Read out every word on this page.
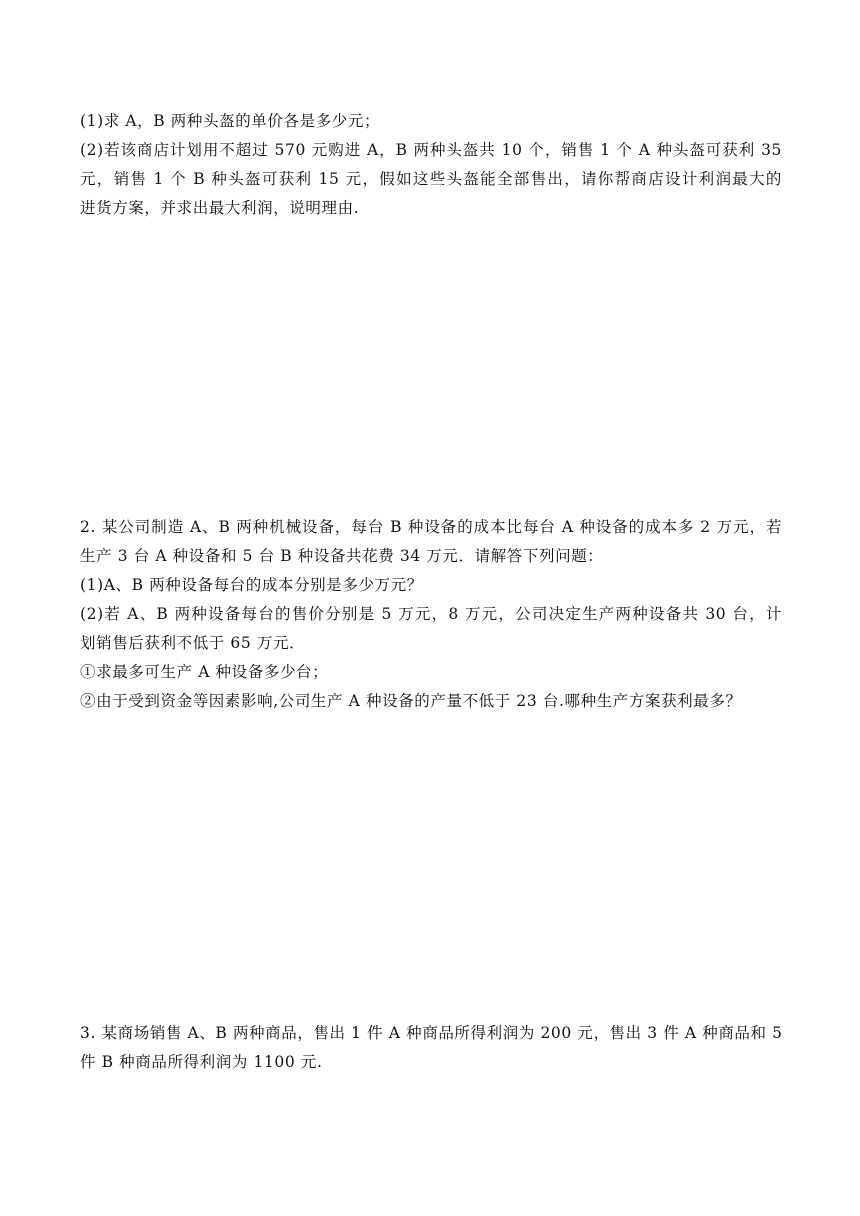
(1)求 A，B 两种头盔的单价各是多少元；

(2)若该商店计划用不超过 570 元购进 A，B 两种头盔共 10 个，销售 1 个 A 种头盔可获利 35

元，销售 1 个 B 种头盔可获利 15 元，假如这些头盔能全部售出，请你帮商店设计利润最大的

进货方案，并求出最大利润，说明理由.

2. 某公司制造 A、B 两种机械设备，每台 B 种设备的成本比每台 A 种设备的成本多 2 万元，若

生产 3 台 A 种设备和 5 台 B 种设备共花费 34 万元．请解答下列问题：

(1)A、B 两种设备每台的成本分别是多少万元？

(2)若 A、B 两种设备每台的售价分别是 5 万元，8 万元，公司决定生产两种设备共 30 台，计

划销售后获利不低于 65 万元．

①求最多可生产 A 种设备多少台；

②由于受到资金等因素影响,公司生产 A 种设备的产量不低于 23 台.哪种生产方案获利最多？

3. 某商场销售 A、B 两种商品，售出 1 件 A 种商品所得利润为 200 元，售出 3 件 A 种商品和 5

件 B 种商品所得利润为 1100 元.
